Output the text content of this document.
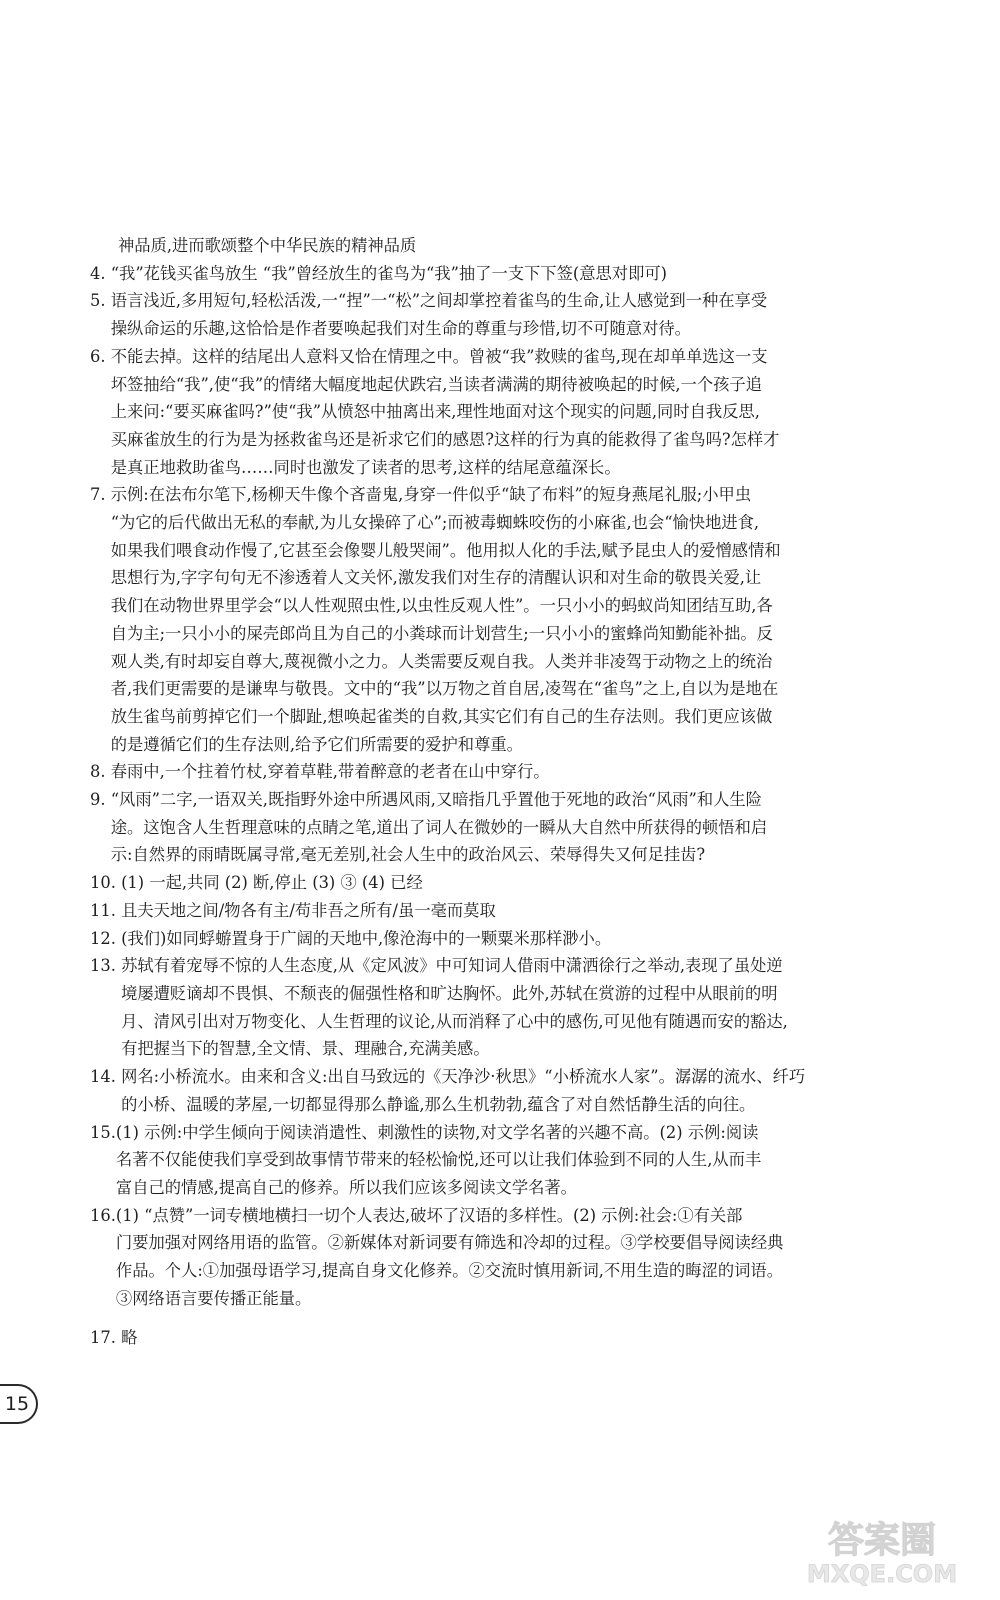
神品质,进而歌颂整个中华民族的精神品质
4. “我”花钱买雀鸟放生 “我”曾经放生的雀鸟为“我”抽了一支下下签(意思对即可)
5. 语言浅近,多用短句,轻松活泼,一“捏”一“松”之间却掌控着雀鸟的生命,让人感觉到一种在享受
操纵命运的乐趣,这恰恰是作者要唤起我们对生命的尊重与珍惜,切不可随意对待。
6. 不能去掉。这样的结尾出人意料又恰在情理之中。曾被“我”救赎的雀鸟,现在却单单选这一支
坏签抽给“我”,使“我”的情绪大幅度地起伏跌宕,当读者满满的期待被唤起的时候,一个孩子追
上来问:“要买麻雀吗?”使“我”从愤怒中抽离出来,理性地面对这个现实的问题,同时自我反思,
买麻雀放生的行为是为拯救雀鸟还是祈求它们的感恩?这样的行为真的能救得了雀鸟吗?怎样才
是真正地救助雀鸟……同时也激发了读者的思考,这样的结尾意蕴深长。
7. 示例:在法布尔笔下,杨柳天牛像个吝啬鬼,身穿一件似乎“缺了布料”的短身燕尾礼服;小甲虫
“为它的后代做出无私的奉献,为儿女操碎了心”;而被毒蜘蛛咬伤的小麻雀,也会“愉快地进食,
如果我们喂食动作慢了,它甚至会像婴儿般哭闹”。他用拟人化的手法,赋予昆虫人的爱憎感情和
思想行为,字字句句无不渗透着人文关怀,激发我们对生存的清醒认识和对生命的敬畏关爱,让
我们在动物世界里学会“以人性观照虫性,以虫性反观人性”。一只小小的蚂蚁尚知团结互助,各
自为主;一只小小的屎壳郎尚且为自己的小粪球而计划营生;一只小小的蜜蜂尚知勤能补拙。反
观人类,有时却妄自尊大,蔑视微小之力。人类需要反观自我。人类并非凌驾于动物之上的统治
者,我们更需要的是谦卑与敬畏。文中的“我”以万物之首自居,凌驾在“雀鸟”之上,自以为是地在
放生雀鸟前剪掉它们一个脚趾,想唤起雀类的自救,其实它们有自己的生存法则。我们更应该做
的是遵循它们的生存法则,给予它们所需要的爱护和尊重。
8. 春雨中,一个拄着竹杖,穿着草鞋,带着醉意的老者在山中穿行。
9. “风雨”二字,一语双关,既指野外途中所遇风雨,又暗指几乎置他于死地的政治“风雨”和人生险
途。这饱含人生哲理意味的点睛之笔,道出了词人在微妙的一瞬从大自然中所获得的顿悟和启
示:自然界的雨晴既属寻常,毫无差别,社会人生中的政治风云、荣辱得失又何足挂齿?
10. (1) 一起,共同 (2) 断,停止 (3) ③ (4) 已经
11. 且夫天地之间/物各有主/苟非吾之所有/虽一毫而莫取
12. (我们)如同蜉蝣置身于广阔的天地中,像沧海中的一颗粟米那样渺小。
13. 苏轼有着宠辱不惊的人生态度,从《定风波》中可知词人借雨中潇洒徐行之举动,表现了虽处逆
境屡遭贬谪却不畏惧、不颓丧的倔强性格和旷达胸怀。此外,苏轼在赏游的过程中从眼前的明
月、清风引出对万物变化、人生哲理的议论,从而消释了心中的感伤,可见他有随遇而安的豁达,
有把握当下的智慧,全文情、景、理融合,充满美感。
14. 网名:小桥流水。由来和含义:出自马致远的《天净沙·秋思》“小桥流水人家”。潺潺的流水、纤巧
的小桥、温暖的茅屋,一切都显得那么静谧,那么生机勃勃,蕴含了对自然恬静生活的向往。
15. (1) 示例:中学生倾向于阅读消遣性、刺激性的读物,对文学名著的兴趣不高。(2) 示例:阅读
名著不仅能使我们享受到故事情节带来的轻松愉悦,还可以让我们体验到不同的人生,从而丰
富自己的情感,提高自己的修养。所以我们应该多阅读文学名著。
16. (1) “点赞”一词专横地横扫一切个人表达,破坏了汉语的多样性。(2) 示例:社会:①有关部
门要加强对网络用语的监管。②新媒体对新词要有筛选和冷却的过程。③学校要倡导阅读经典
作品。个人:①加强母语学习,提高自身文化修养。②交流时慎用新词,不用生造的晦涩的词语。
③网络语言要传播正能量。
17. 略
15
答案圈
MXQE.COM
